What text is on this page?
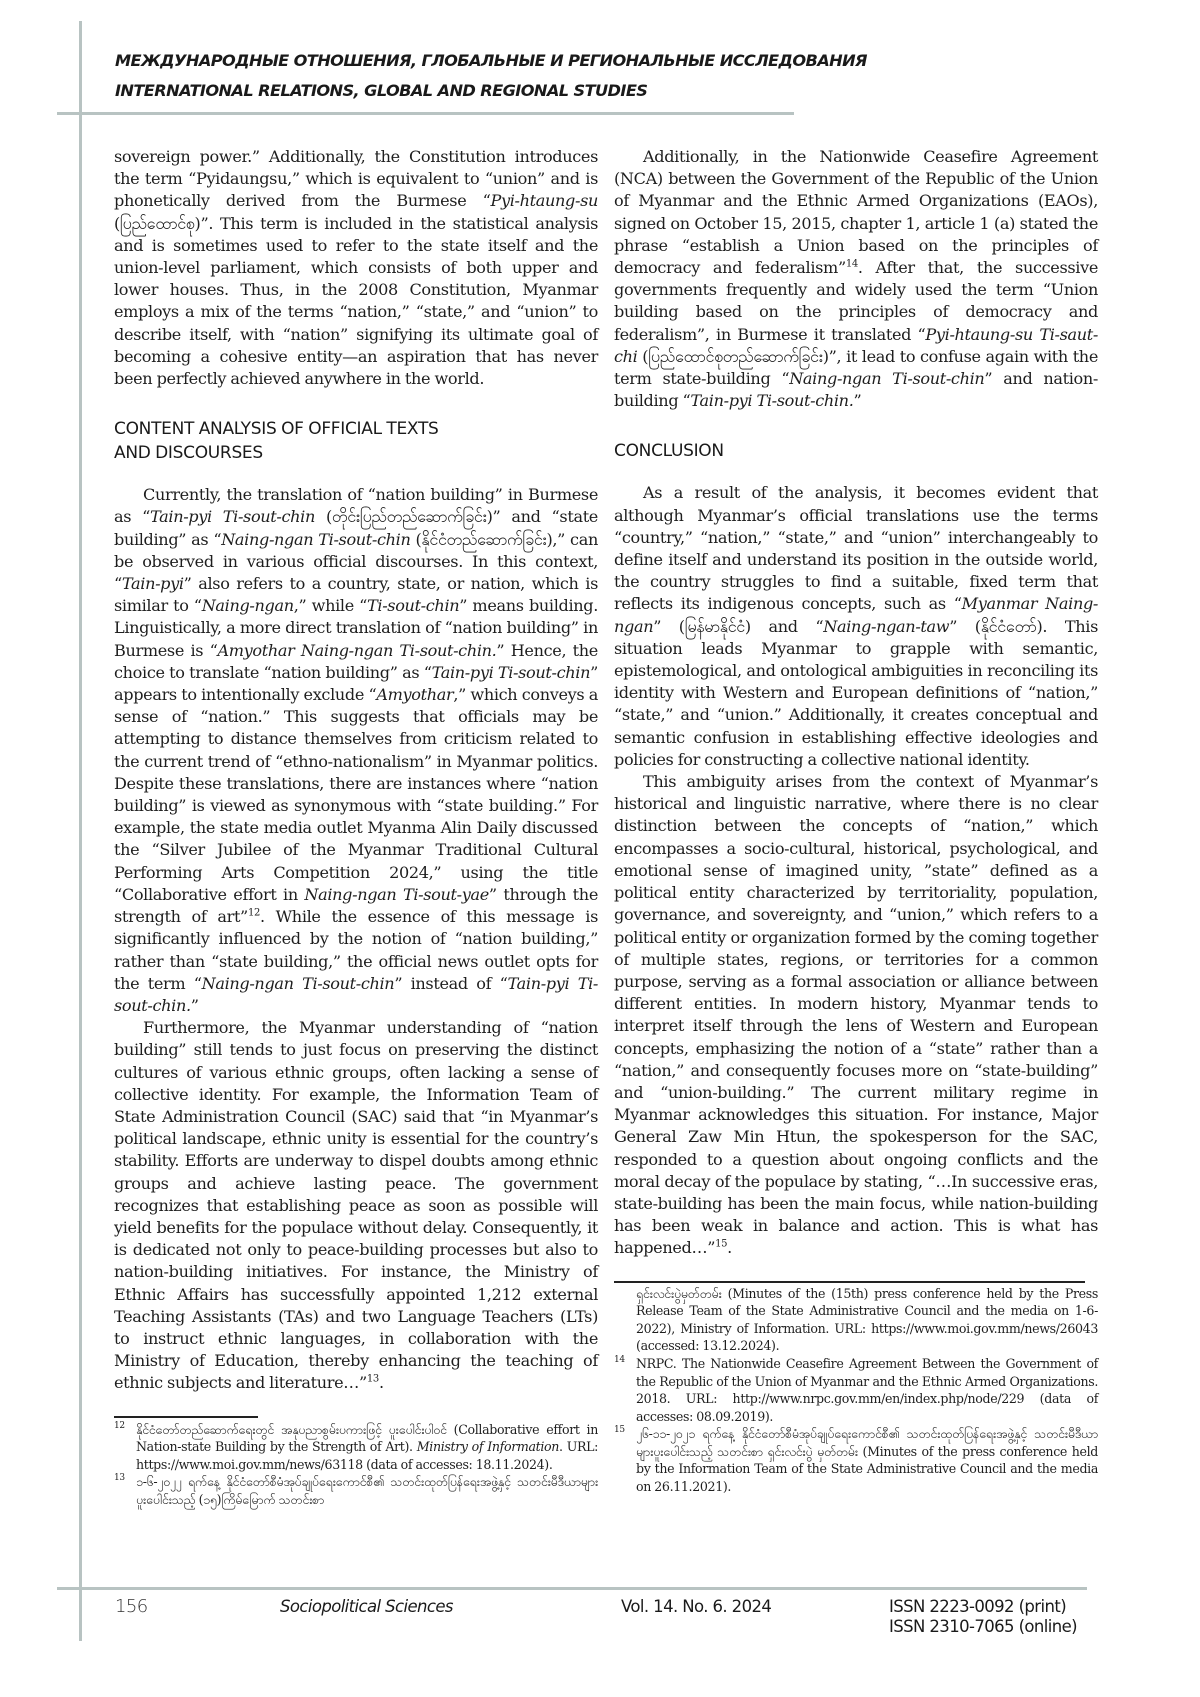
МЕЖДУНАРОДНЫЕ ОТНОШЕНИЯ, ГЛОБАЛЬНЫЕ И РЕГИОНАЛЬНЫЕ ИССЛЕДОВАНИЯ
INTERNATIONAL RELATIONS, GLOBAL AND REGIONAL STUDIES

sovereign power.” Additionally, the Constitution introduces the term “Pyidaungsu,” which is equivalent to “union” and is phonetically derived from the Burmese “Pyi-htaung-su (ပြည်ထောင်စု)”. This term is included in the statistical analysis and is sometimes used to refer to the state itself and the union-level parliament, which consists of both upper and lower houses. Thus, in the 2008 Constitution, Myanmar employs a mix of the terms “nation,” “state,” and “union” to describe itself, with “nation” signifying its ultimate goal of becoming a cohesive entity—an aspiration that has never been perfectly achieved anywhere in the world.

CONTENT ANALYSIS OF OFFICIAL TEXTS
AND DISCOURSES

Currently, the translation of “nation building” in Burmese as “Tain-pyi Ti-sout-chin (တိုင်းပြည်တည်ဆောက်ခြင်း)” and “state building” as “Naing-ngan Ti-sout-chin (နိုင်ငံတည်ဆောက်ခြင်း),” can be observed in various official discourses. In this context, “Tain-pyi” also refers to a country, state, or nation, which is similar to “Naing-ngan,” while “Ti-sout-chin” means building. Linguistically, a more direct translation of “nation building” in Burmese is “Amyothar Naing-ngan Ti-sout-chin.” Hence, the choice to translate “nation building” as “Tain-pyi Ti-sout-chin” appears to intentionally exclude “Amyothar,” which conveys a sense of “nation.” This suggests that officials may be attempting to distance themselves from criticism related to the current trend of “ethno-nationalism” in Myanmar politics. Despite these translations, there are instances where “nation building” is viewed as synonymous with “state building.” For example, the state media outlet Myanma Alin Daily discussed the “Silver Jubilee of the Myanmar Traditional Cultural Performing Arts Competition 2024,” using the title “Collaborative effort in Naing-ngan Ti-sout-yae” through the strength of art”$^{12}$. While the essence of this message is significantly influenced by the notion of “nation building,” rather than “state building,” the official news outlet opts for the term “Naing-ngan Ti-sout-chin” instead of “Tain-pyi Ti-sout-chin.”

Furthermore, the Myanmar understanding of “nation building” still tends to just focus on preserving the distinct cultures of various ethnic groups, often lacking a sense of collective identity. For example, the Information Team of State Administration Council (SAC) said that “in Myanmar’s political landscape, ethnic unity is essential for the country’s stability. Efforts are underway to dispel doubts among ethnic groups and achieve lasting peace. The government recognizes that establishing peace as soon as possible will yield benefits for the populace without delay. Consequently, it is dedicated not only to peace-building processes but also to nation-building initiatives. For instance, the Ministry of Ethnic Affairs has successfully appointed 1,212 external Teaching Assistants (TAs) and two Language Teachers (LTs) to instruct ethnic languages, in collaboration with the Ministry of Education, thereby enhancing the teaching of ethnic subjects and literature…”$^{13}$.

12 နိုင်ငံတော်တည်ဆောက်ရေးတွင် အနုပညာစွမ်းပကားဖြင့် ပူးပေါင်းပါဝင် (Collaborative effort in Nation-state Building by the Strength of Art). Ministry of Information. URL: https://www.moi.gov.mm/news/63118 (data of accesses: 18.11.2024).
13 ၁-၆-၂၀၂၂ ရက်နေ့ နိုင်ငံတော်စီမံအုပ်ချုပ်ရေးကောင်စီ၏ သတင်းထုတ်ပြန်ရေးအဖွဲ့နှင့် သတင်းမီဒီယာများ ပူးပေါင်းသည့် (၁၅)ကြိမ်မြောက် သတင်းစာ

Additionally, in the Nationwide Ceasefire Agreement (NCA) between the Government of the Republic of the Union of Myanmar and the Ethnic Armed Organizations (EAOs), signed on October 15, 2015, chapter 1, article 1 (a) stated the phrase “establish a Union based on the principles of democracy and federalism”$^{14}$. After that, the successive governments frequently and widely used the term “Union building based on the principles of democracy and federalism”, in Burmese it translated “Pyi-htaung-su Ti-saut-chi (ပြည်ထောင်စုတည်ဆောက်ခြင်း)”, it lead to confuse again with the term state-building “Naing-ngan Ti-sout-chin” and nation-building “Tain-pyi Ti-sout-chin.”

CONCLUSION

As a result of the analysis, it becomes evident that although Myanmar’s official translations use the terms “country,” “nation,” “state,” and “union” interchangeably to define itself and understand its position in the outside world, the country struggles to find a suitable, fixed term that reflects its indigenous concepts, such as “Myanmar Naing-ngan” (မြန်မာနိုင်ငံ) and “Naing-ngan-taw” (နိုင်ငံတော်). This situation leads Myanmar to grapple with semantic, epistemological, and ontological ambiguities in reconciling its identity with Western and European definitions of “nation,” “state,” and “union.” Additionally, it creates conceptual and semantic confusion in establishing effective ideologies and policies for constructing a collective national identity.

This ambiguity arises from the context of Myanmar’s historical and linguistic narrative, where there is no clear distinction between the concepts of “nation,” which encompasses a socio-cultural, historical, psychological, and emotional sense of imagined unity, ”state” defined as a political entity characterized by territoriality, population, governance, and sovereignty, and “union,” which refers to a political entity or organization formed by the coming together of multiple states, regions, or territories for a common purpose, serving as a formal association or alliance between different entities. In modern history, Myanmar tends to interpret itself through the lens of Western and European concepts, emphasizing the notion of a “state” rather than a “nation,” and consequently focuses more on “state-building” and “union-building.” The current military regime in Myanmar acknowledges this situation. For instance, Major General Zaw Min Htun, the spokesperson for the SAC, responded to a question about ongoing conflicts and the moral decay of the populace by stating, “…In successive eras, state-building has been the main focus, while nation-building has been weak in balance and action. This is what has happened…”$^{15}$.

ရှင်းလင်းပွဲမှတ်တမ်း (Minutes of the (15th) press conference held by the Press Release Team of the State Administrative Council and the media on 1-6-2022), Ministry of Information. URL: https://www.moi.gov.mm/news/26043 (accessed: 13.12.2024).
14 NRPC. The Nationwide Ceasefire Agreement Between the Government of the Republic of the Union of Myanmar and the Ethnic Armed Organizations. 2018. URL: http://www.nrpc.gov.mm/en/index.php/node/229 (data of accesses: 08.09.2019).
15 ၂၆-၁၁-၂၀၂၁ ရက်နေ့ နိုင်ငံတော်စီမံအုပ်ချုပ်ရေးကောင်စီ၏ သတင်းထုတ်ပြန်ရေးအဖွဲ့နှင့် သတင်းမီဒီယာများပူးပေါင်းသည့် သတင်းစာ ရှင်းလင်းပွဲ မှတ်တမ်း (Minutes of the press conference held by the Information Team of the State Administrative Council and the media on 26.11.2021).
156	Sociopolitical Sciences	Vol. 14. No. 6. 2024	ISSN 2223-0092 (print)
ISSN 2310-7065 (online)
